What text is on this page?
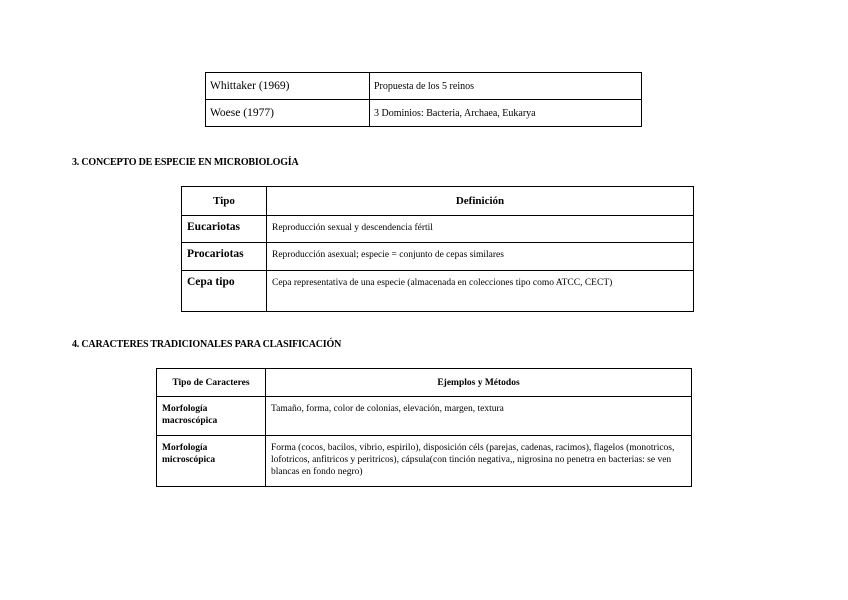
Whittaker (1969)	Propuesta de los 5 reinos
Woese (1977)	3 Dominios: Bacteria, Archaea, Eukarya
3. CONCEPTO DE ESPECIE EN MICROBIOLOGÍA
Tipo	Definición
Eucariotas	Reproducción sexual y descendencia fértil
Procariotas	Reproducción asexual; especie = conjunto de cepas similares
Cepa tipo	Cepa representativa de una especie (almacenada en colecciones tipo como ATCC, CECT)
4. CARACTERES TRADICIONALES PARA CLASIFICACIÓN
Tipo de Caracteres	Ejemplos y Métodos
Morfología macroscópica	Tamaño, forma, color de colonias, elevación, margen, textura
Morfología microscópica	Forma (cocos, bacilos, vibrio, espirilo), disposición céls (parejas, cadenas, racimos), flagelos (monotricos, lofotricos, anfitricos y peritricos), cápsula(con tinción negativa,, nigrosina no penetra en bacterias: se ven blancas en fondo negro)
